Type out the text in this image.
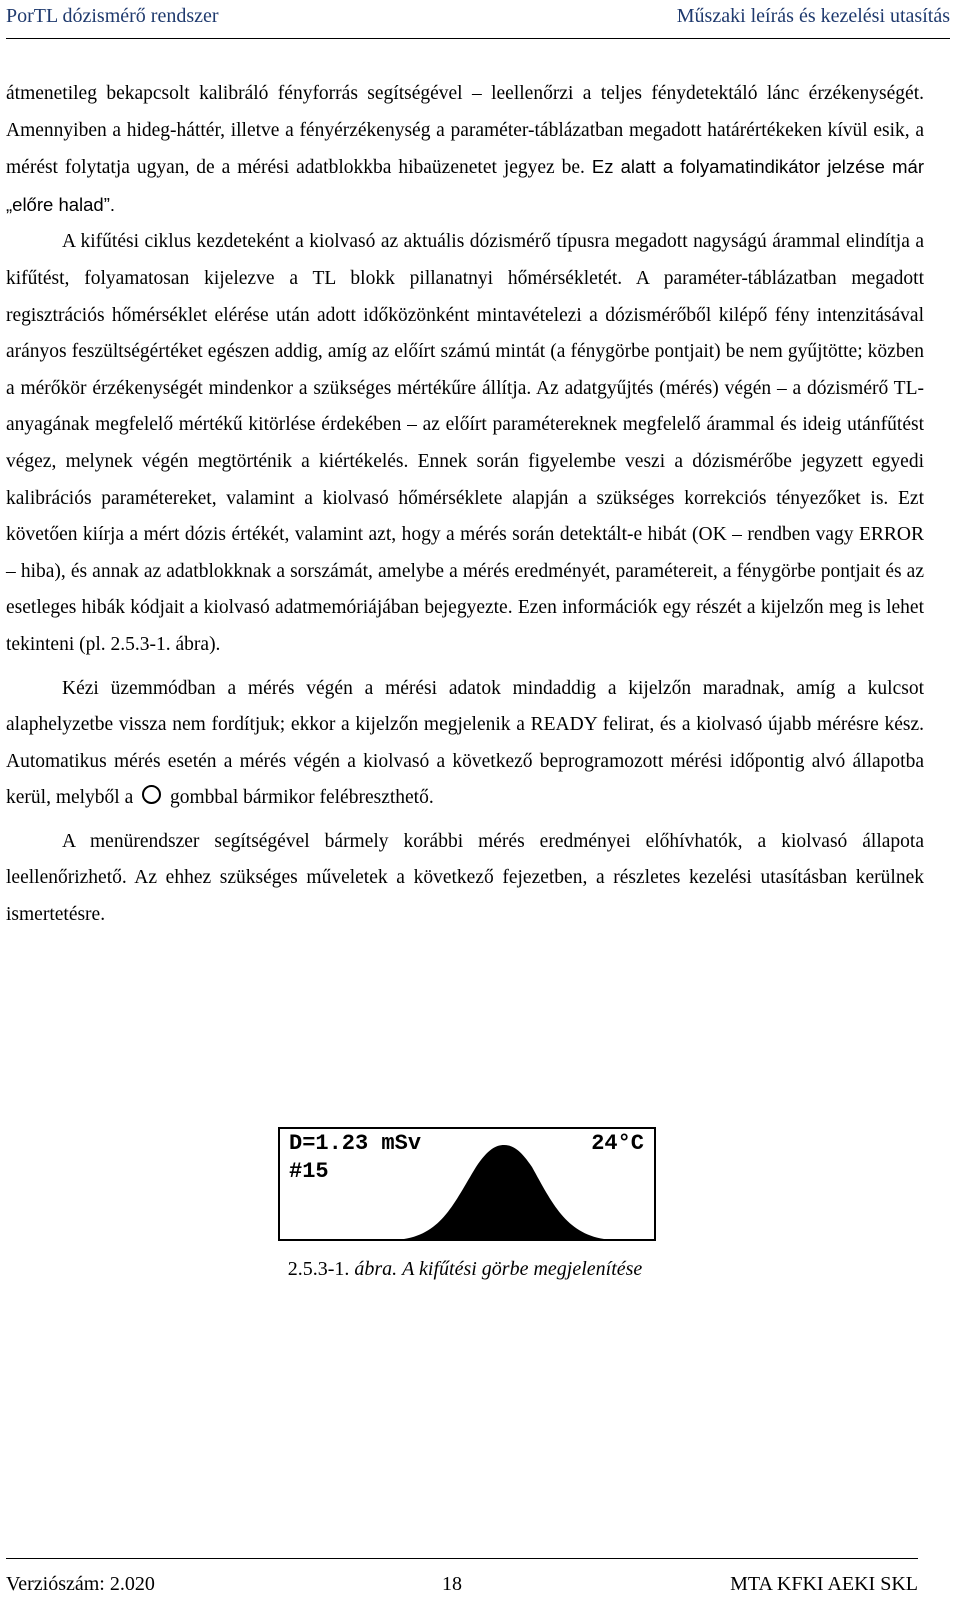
PorTL dózismérő rendszer	Műszaki leírás és kezelési utasítás

átmenetileg bekapcsolt kalibráló fényforrás segítségével – leellenőrzi a teljes fénydetektáló lánc érzékenységét. Amennyiben a hideg-háttér, illetve a fényérzékenység a paraméter-táblázatban megadott határértékeken kívül esik, a mérést folytatja ugyan, de a mérési adatblokkba hibaüzenetet jegyez be. Ez alatt a folyamatindikátor jelzése már „előre halad”.

A kifűtési ciklus kezdeteként a kiolvasó az aktuális dózismérő típusra megadott nagyságú árammal elindítja a kifűtést, folyamatosan kijelezve a TL blokk pillanatnyi hőmérsékletét. A paraméter-táblázatban megadott regisztrációs hőmérséklet elérése után adott időközönként mintavételezi a dózismérőből kilépő fény intenzitásával arányos feszültségértéket egészen addig, amíg az előírt számú mintát (a fénygörbe pontjait) be nem gyűjtötte; közben a mérőkör érzékenységét mindenkor a szükséges mértékűre állítja. Az adatgyűjtés (mérés) végén – a dózismérő TL-anyagának megfelelő mértékű kitörlése érdekében – az előírt paramétereknek megfelelő árammal és ideig utánfűtést végez, melynek végén megtörténik a kiértékelés. Ennek során figyelembe veszi a dózismérőbe jegyzett egyedi kalibrációs paramétereket, valamint a kiolvasó hőmérséklete alapján a szükséges korrekciós tényezőket is. Ezt követően kiírja a mért dózis értékét, valamint azt, hogy a mérés során detektált-e hibát (OK – rendben vagy ERROR – hiba), és annak az adatblokknak a sorszámát, amelybe a mérés eredményét, paramétereit, a fénygörbe pontjait és az esetleges hibák kódjait a kiolvasó adatmemóriájában bejegyezte. Ezen információk egy részét a kijelzőn meg is lehet tekinteni (pl. 2.5.3-1. ábra).

Kézi üzemmódban a mérés végén a mérési adatok mindaddig a kijelzőn maradnak, amíg a kulcsot alaphelyzetbe vissza nem fordítjuk; ekkor a kijelzőn megjelenik a READY felirat, és a kiolvasó újabb mérésre kész. Automatikus mérés esetén a mérés végén a kiolvasó a következő beprogramozott mérési időpontig alvó állapotba kerül, melyből a gombbal bármikor felébreszthető.

A menürendszer segítségével bármely korábbi mérés eredményei előhívhatók, a kiolvasó állapota leellenőrizhető. Az ehhez szükséges műveletek a következő fejezetben, a részletes kezelési utasításban kerülnek ismertetésre.

D=1.23 mSv	24°C
#15
2.5.3-1. ábra. A kifűtési görbe megjelenítése
Verziószám: 2.020	18	MTA KFKI AEKI SKL
